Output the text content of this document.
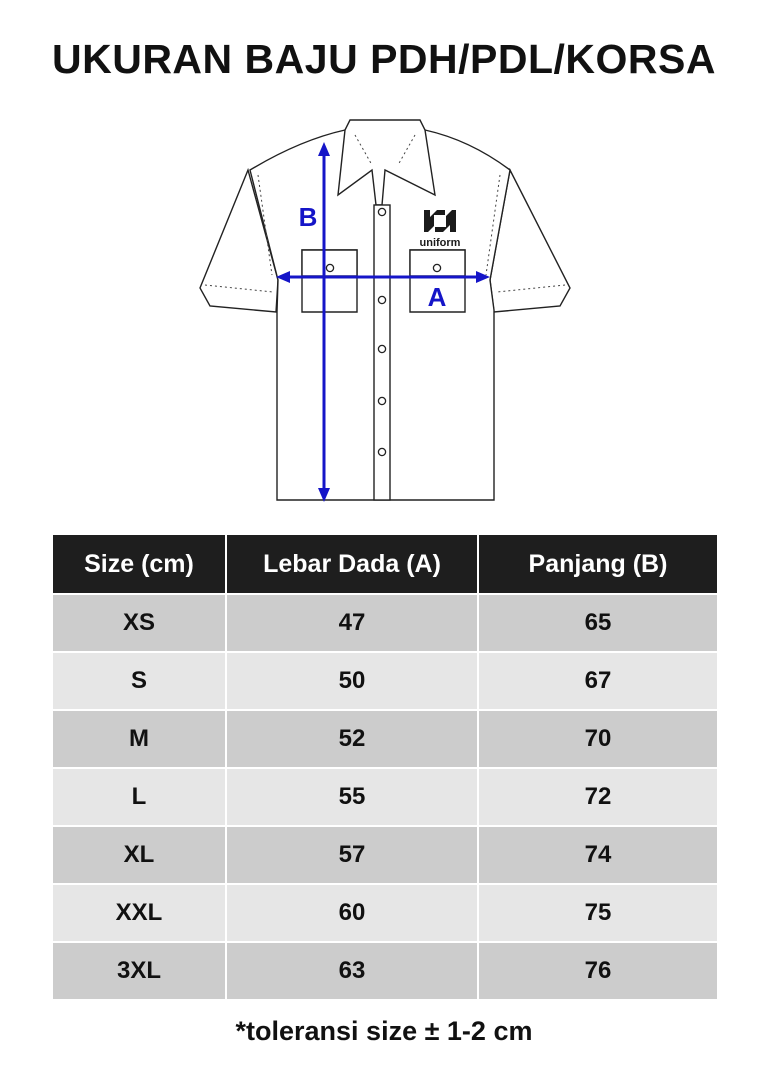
UKURAN BAJU PDH/PDL/KORSA
uniform
B
A
Size (cm)	Lebar Dada (A)	Panjang (B)
XS	47	65
S	50	67
M	52	70
L	55	72
XL	57	74
XXL	60	75
3XL	63	76
*toleransi size ± 1-2 cm
